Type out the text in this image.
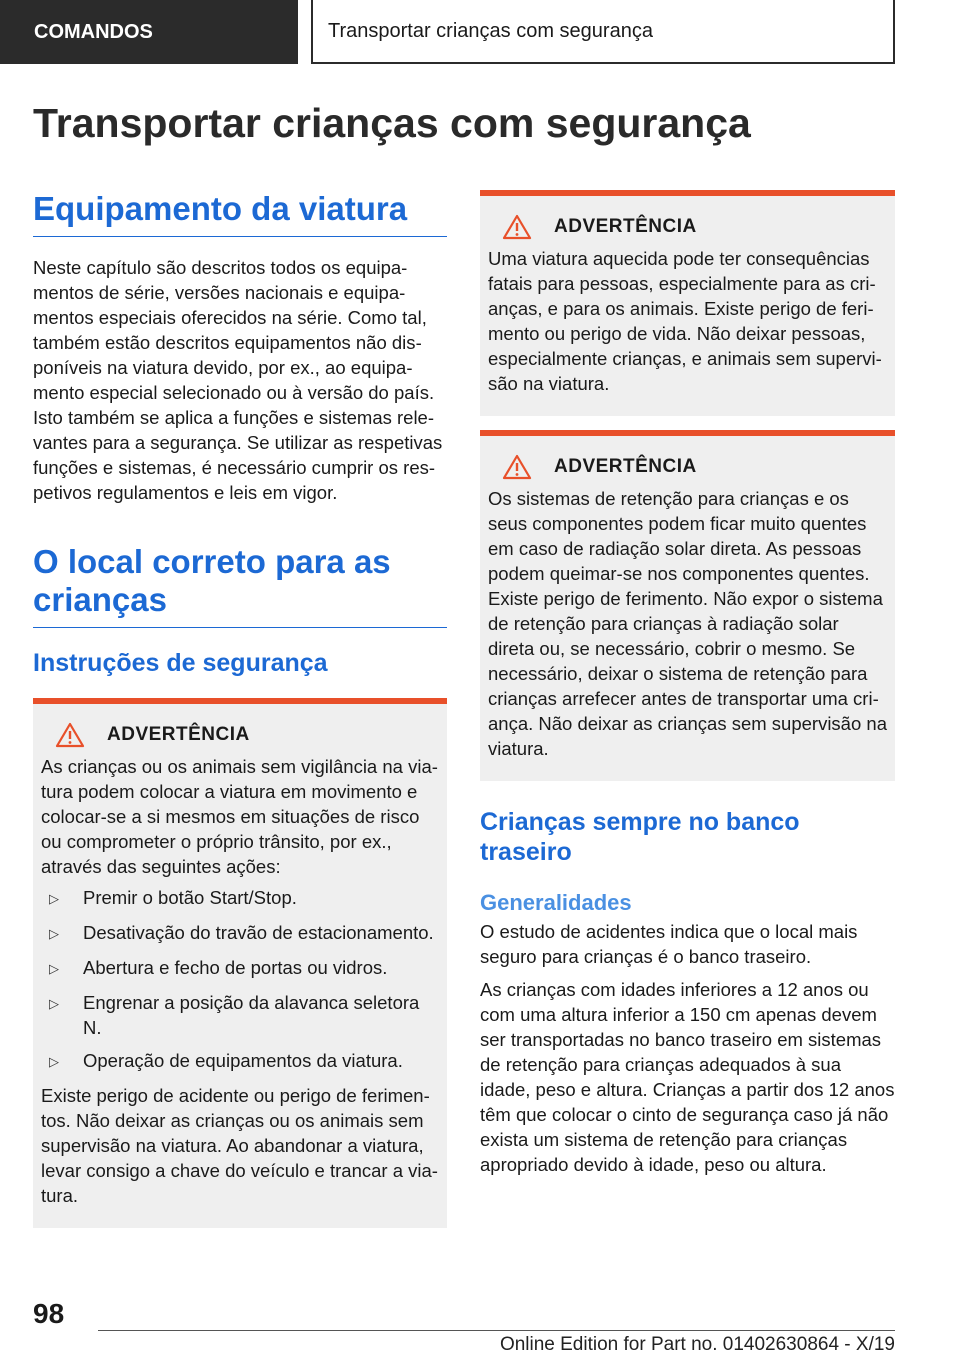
COMANDOS	Transportar crianças com segurança
Transportar crianças com segurança
Equipamento da viatura

Neste capítulo são descritos todos os equipamentos de série, versões nacionais e equipamentos especiais oferecidos na série. Como tal, também estão descritos equipamentos não disponíveis na viatura devido, por ex., ao equipamento especial selecionado ou à versão do país. Isto também se aplica a funções e sistemas relevantes para a segurança. Se utilizar as respetivas funções e sistemas, é necessário cumprir os respetivos regulamentos e leis em vigor.

O local correto para as crianças
Instruções de segurança
ADVERTÊNCIA

As crianças ou os animais sem vigilância na viatura podem colocar a viatura em movimento e colocar-se a si mesmos em situações de risco ou comprometer o próprio trânsito, por ex., através das seguintes ações:

▷	Premir o botão Start/Stop.
▷	Desativação do travão de estacionamento.
▷	Abertura e fecho de portas ou vidros.
▷	Engrenar a posição da alavanca seletora N.
▷	Operação de equipamentos da viatura.

Existe perigo de acidente ou perigo de ferimentos. Não deixar as crianças ou os animais sem supervisão na viatura. Ao abandonar a viatura, levar consigo a chave do veículo e trancar a viatura.

ADVERTÊNCIA

Uma viatura aquecida pode ter consequências fatais para pessoas, especialmente para as crianças, e para os animais. Existe perigo de ferimento ou perigo de vida. Não deixar pessoas, especialmente crianças, e animais sem supervisão na viatura.

ADVERTÊNCIA

Os sistemas de retenção para crianças e os seus componentes podem ficar muito quentes em caso de radiação solar direta. As pessoas podem queimar-se nos componentes quentes. Existe perigo de ferimento. Não expor o sistema de retenção para crianças à radiação solar direta ou, se necessário, cobrir o mesmo. Se necessário, deixar o sistema de retenção para crianças arrefecer antes de transportar uma criança. Não deixar as crianças sem supervisão na viatura.

Crianças sempre no banco traseiro
Generalidades

O estudo de acidentes indica que o local mais seguro para crianças é o banco traseiro.

As crianças com idades inferiores a 12 anos ou com uma altura inferior a 150 cm apenas devem ser transportadas no banco traseiro em sistemas de retenção para crianças adequados à sua idade, peso e altura. Crianças a partir dos 12 anos têm que colocar o cinto de segurança caso já não exista um sistema de retenção para crianças apropriado devido à idade, peso ou altura.

98
Online Edition for Part no. 01402630864 - X/19
